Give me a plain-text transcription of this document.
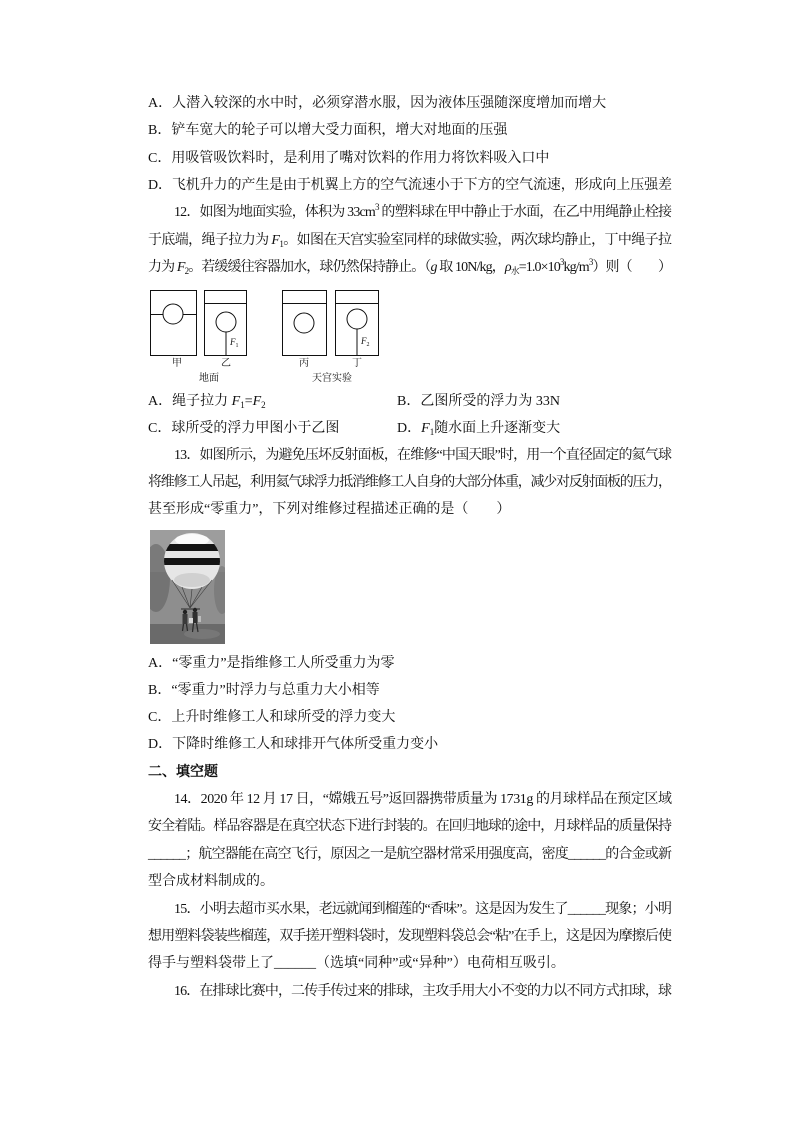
A．人潜入较深的水中时，必须穿潜水服，因为液体压强随深度增加而增大
B．铲车宽大的轮子可以增大受力面积，增大对地面的压强
C．用吸管吸饮料时，是利用了嘴对饮料的作用力将饮料吸入口中
D．飞机升力的产生是由于机翼上方的空气流速小于下方的空气流速，形成向上压强差
12．如图为地面实验，体积为 $33cm^3$ 的塑料球在甲中静止于水面，在乙中用绳静止栓接
于底端，绳子拉力为 $F_1$。如图在天宫实验室同样的球做实验，两次球均静止，丁中绳子拉
力为 $F_2$。若缓缓往容器加水，球仍然保持静止。（g 取 10N/kg，$\rho_水=1.0\times 10^3kg/m^3$）则（　　）
$F_1$	$F_2$
甲	乙	丙	丁
地面	天宫实验
A．绳子拉力 $F_1=F_2$	B．乙图所受的浮力为 33N
C．球所受的浮力甲图小于乙图	D．$F_1$随水面上升逐渐变大
13．如图所示，为避免压坏反射面板，在维修“中国天眼”时，用一个直径固定的氦气球
将维修工人吊起，利用氦气球浮力抵消维修工人自身的大部分体重，减少对反射面板的压力，
甚至形成“零重力”，下列对维修过程描述正确的是（　　）
A．“零重力”是指维修工人所受重力为零
B．“零重力”时浮力与总重力大小相等
C．上升时维修工人和球所受的浮力变大
D．下降时维修工人和球排开气体所受重力变小
二、填空题
14．2020 年 12 月 17 日，“嫦娥五号”返回器携带质量为 1731g 的月球样品在预定区域
安全着陆。样品容器是在真空状态下进行封装的。在回归地球的途中，月球样品的质量保持
______；航空器能在高空飞行，原因之一是航空器材常采用强度高，密度______的合金或新
型合成材料制成的。
15．小明去超市买水果，老远就闻到榴莲的“香味”。这是因为发生了______现象；小明
想用塑料袋装些榴莲，双手搓开塑料袋时，发现塑料袋总会“粘”在手上，这是因为摩擦后使
得手与塑料袋带上了______（选填“同种”或“异种”）电荷相互吸引。
16．在排球比赛中，二传手传过来的排球，主攻手用大小不变的力以不同方式扣球，球
